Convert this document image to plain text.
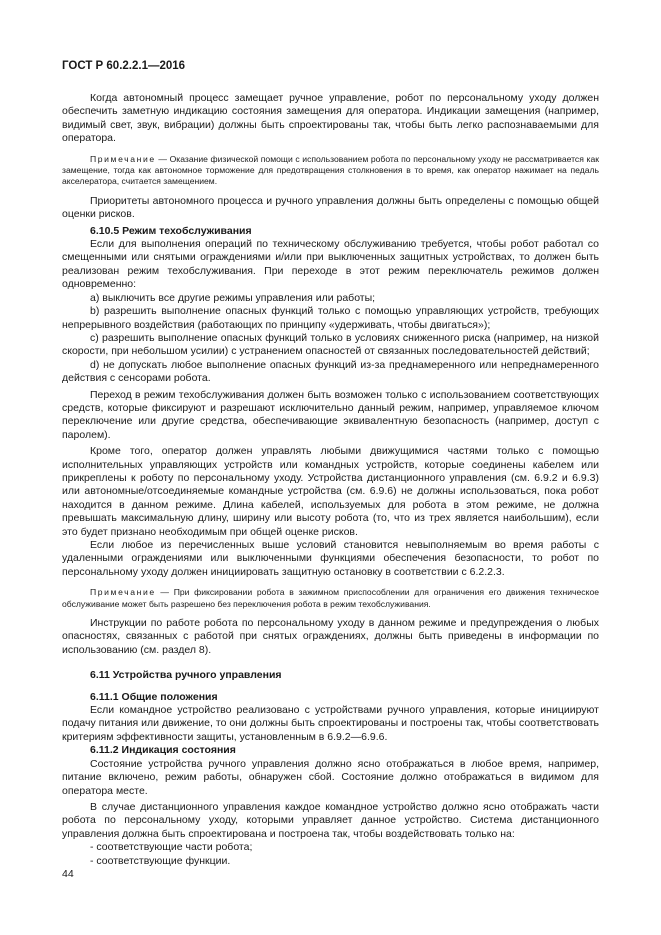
ГОСТ Р 60.2.2.1—2016

Когда автономный процесс замещает ручное управление, робот по персональному уходу должен обеспечить заметную индикацию состояния замещения для оператора. Индикации замещения (например, видимый свет, звук, вибрации) должны быть спроектированы так, чтобы быть легко распознаваемыми для оператора.

Примечание — Оказание физической помощи с использованием робота по персональному уходу не рассматривается как замещение, тогда как автономное торможение для предотвращения столкновения в то время, как оператор нажимает на педаль акселератора, считается замещением.

Приоритеты автономного процесса и ручного управления должны быть определены с помощью общей оценки рисков.

6.10.5 Режим техобслуживания

Если для выполнения операций по техническому обслуживанию требуется, чтобы робот работал со смещенными или снятыми ограждениями и/или при выключенных защитных устройствах, то должен быть реализован режим техобслуживания. При переходе в этот режим переключатель режимов должен одновременно:

a) выключить все другие режимы управления или работы;

b) разрешить выполнение опасных функций только с помощью управляющих устройств, требующих непрерывного воздействия (работающих по принципу «удерживать, чтобы двигаться»);

c) разрешить выполнение опасных функций только в условиях сниженного риска (например, на низкой скорости, при небольшом усилии) с устранением опасностей от связанных последовательностей действий;

d) не допускать любое выполнение опасных функций из-за преднамеренного или непреднамеренного действия с сенсорами робота.

Переход в режим техобслуживания должен быть возможен только с использованием соответствующих средств, которые фиксируют и разрешают исключительно данный режим, например, управляемое ключом переключение или другие средства, обеспечивающие эквивалентную безопасность (например, доступ с паролем).

Кроме того, оператор должен управлять любыми движущимися частями только с помощью исполнительных управляющих устройств или командных устройств, которые соединены кабелем или прикреплены к роботу по персональному уходу. Устройства дистанционного управления (см. 6.9.2 и 6.9.3) или автономные/отсоединяемые командные устройства (см. 6.9.6) не должны использоваться, пока робот находится в данном режиме. Длина кабелей, используемых для робота в этом режиме, не должна превышать максимальную длину, ширину или высоту робота (то, что из трех является наибольшим), если это будет признано необходимым при общей оценке рисков.

Если любое из перечисленных выше условий становится невыполняемым во время работы с удаленными ограждениями или выключенными функциями обеспечения безопасности, то робот по персональному уходу должен инициировать защитную остановку в соответствии с 6.2.2.3.

Примечание — При фиксировании робота в зажимном приспособлении для ограничения его движения техническое обслуживание может быть разрешено без переключения робота в режим техобслуживания.

Инструкции по работе робота по персональному уходу в данном режиме и предупреждения о любых опасностях, связанных с работой при снятых ограждениях, должны быть приведены в информации по использованию (см. раздел 8).

6.11 Устройства ручного управления

6.11.1 Общие положения

Если командное устройство реализовано с устройствами ручного управления, которые инициируют подачу питания или движение, то они должны быть спроектированы и построены так, чтобы соответствовать критериям эффективности защиты, установленным в 6.9.2—6.9.6.

6.11.2 Индикация состояния

Состояние устройства ручного управления должно ясно отображаться в любое время, например, питание включено, режим работы, обнаружен сбой. Состояние должно отображаться в видимом для оператора месте.

В случае дистанционного управления каждое командное устройство должно ясно отображать части робота по персональному уходу, которыми управляет данное устройство. Система дистанционного управления должна быть спроектирована и построена так, чтобы воздействовать только на:

- соответствующие части робота;

- соответствующие функции.

44
